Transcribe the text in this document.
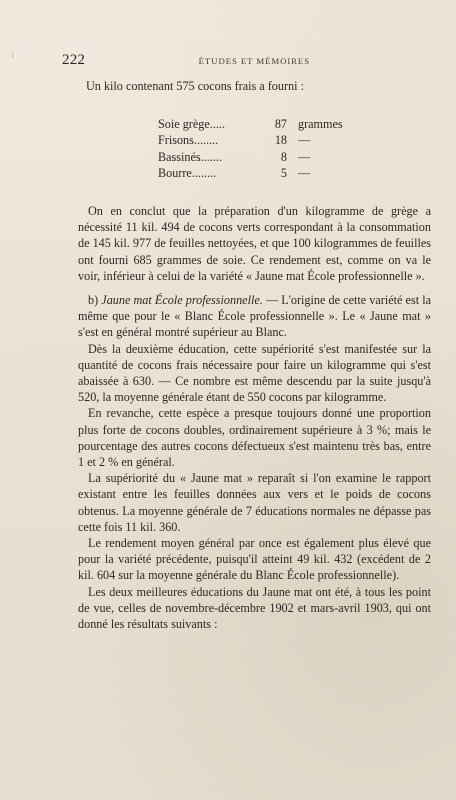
222	ÉTUDES ET MÉMOIRES

Un kilo contenant 575 cocons frais a fourni :

Soie grège.....	87 grammes
Frisons........	18 —
Bassinés.......	8 —
Bourre........	5 —

On en conclut que la préparation d'un kilogramme de grège a nécessité 11 kil. 494 de cocons verts correspondant à la consommation de 145 kil. 977 de feuilles nettoyées, et que 100 kilogrammes de feuilles ont fourni 685 grammes de soie. Ce rendement est, comme on va le voir, inférieur à celui de la variété « Jaune mat École professionnelle ».

b) Jaune mat École professionnelle. — L'origine de cette variété est la même que pour le « Blanc École professionnelle ». Le « Jaune mat » s'est en général montré supérieur au Blanc.

Dès la deuxième éducation, cette supériorité s'est manifestée sur la quantité de cocons frais nécessaire pour faire un kilogramme qui s'est abaissée à 630. — Ce nombre est même descendu par la suite jusqu'à 520, la moyenne générale étant de 550 cocons par kilogramme.

En revanche, cette espèce a presque toujours donné une proportion plus forte de cocons doubles, ordinairement supérieure à 3 %; mais le pourcentage des autres cocons défectueux s'est maintenu très bas, entre 1 et 2 % en général.

La supériorité du « Jaune mat » reparaît si l'on examine le rapport existant entre les feuilles données aux vers et le poids de cocons obtenus. La moyenne générale de 7 éducations normales ne dépasse pas cette fois 11 kil. 360.

Le rendement moyen général par once est également plus élevé que pour la variété précédente, puisqu'il atteint 49 kil. 432 (excédent de 2 kil. 604 sur la moyenne générale du Blanc École professionnelle).

Les deux meilleures éducations du Jaune mat ont été, à tous les point de vue, celles de novembre-décembre 1902 et mars-avril 1903, qui ont donné les résultats suivants :
